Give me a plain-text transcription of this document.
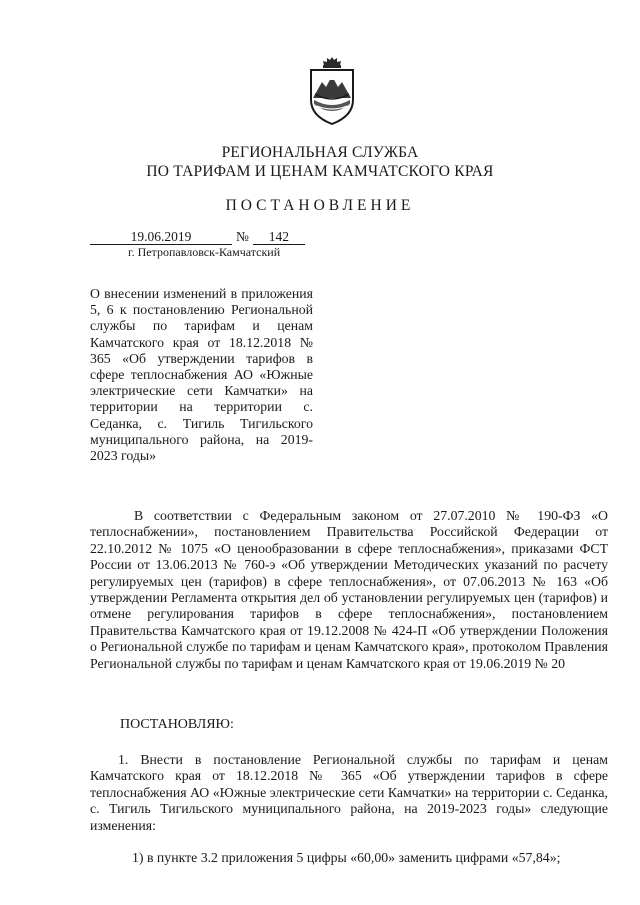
РЕГИОНАЛЬНАЯ СЛУЖБА
ПО ТАРИФАМ И ЦЕНАМ КАМЧАТСКОГО КРАЯ
ПОСТАНОВЛЕНИЕ
19.06.2019	№ 142
г. Петропавловск-Камчатский
О внесении изменений в приложения 5, 6 к постановлению Региональной службы по тарифам и ценам Камчатского края от 18.12.2018 № 365 «Об утверждении тарифов в сфере теплоснабжения АО «Южные электрические сети Камчатки» на территории на территории с. Седанка, с. Тигиль Тигильского муниципального района, на 2019-2023 годы»

В соответствии с Федеральным законом от 27.07.2010 № 190-ФЗ «О теплоснабжении», постановлением Правительства Российской Федерации от 22.10.2012 № 1075 «О ценообразовании в сфере теплоснабжения», приказами ФСТ России от 13.06.2013 № 760-э «Об утверждении Методических указаний по расчету регулируемых цен (тарифов) в сфере теплоснабжения», от 07.06.2013 № 163 «Об утверждении Регламента открытия дел об установлении регулируемых цен (тарифов) и отмене регулирования тарифов в сфере теплоснабжения», постановлением Правительства Камчатского края от 19.12.2008 № 424-П «Об утверждении Положения о Региональной службе по тарифам и ценам Камчатского края», протоколом Правления Региональной службы по тарифам и ценам Камчатского края от 19.06.2019 № 20

ПОСТАНОВЛЯЮ:

1. Внести в постановление Региональной службы по тарифам и ценам Камчатского края от 18.12.2018 № 365 «Об утверждении тарифов в сфере теплоснабжения АО «Южные электрические сети Камчатки» на территории с. Седанка, с. Тигиль Тигильского муниципального района, на 2019-2023 годы» следующие изменения:

1) в пункте 3.2 приложения 5 цифры «60,00» заменить цифрами «57,84»;
